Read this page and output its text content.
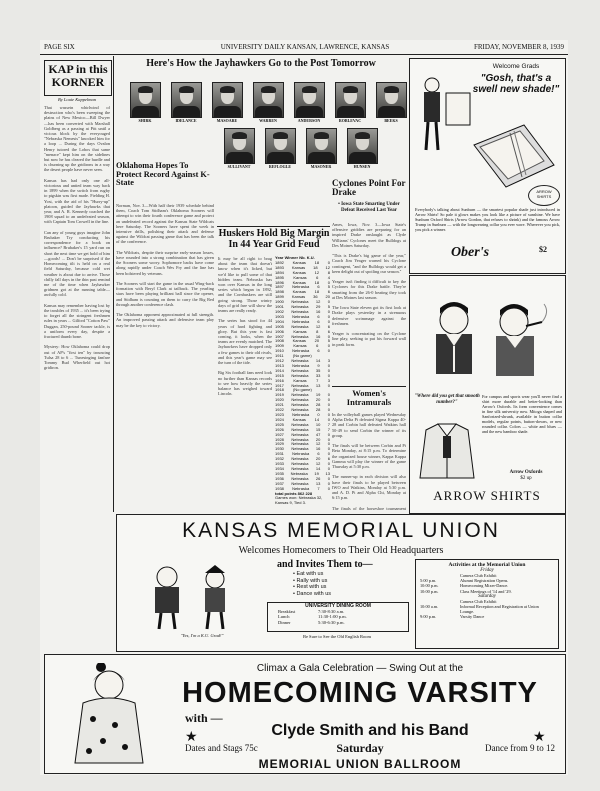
PAGE SIX	UNIVERSITY DAILY KANSAN, LAWRENCE, KANSAS	FRIDAY, NOVEMBER 8, 1939
KAP in this
KORNER
By Louie Kappelman
That wassein whirlwind of destruction who's been sweeping the plains of New Mexico—Bill Dwyer—has been converted with Marshall Goldberg as a passing at Pitt until a vicious block by the everyouged "Nebraska Nemesis" knocked him for a loop ... During the days Ovalon Henry tutored the Lobos that same "menace" kept him on the sidelines but now he has cleared the hurdle and is churning up the gridirons in a way the desert people have never seen.

Kansas has had only one all-victorious and untied team way back in 1899 when the switch from rugby to pigskin was first made. Fielding H. Yost, with the aid of his "Hurry-up" platoon, guided the Jayhawks that year, and A. R. Kennedy coached the 1908 squad to an undefeated season, with Captain Tom Crowell in the line.

Can any of young guys imagine John Brubaker Try conducting his correspondence for a book on influence? Brubaker's 15 yard run on short the next time we get hold of him—goods! ... Don't be surprised if the Homecoming tilt is held on a real field Saturday, because cold wet weather is about due to arrive. Those chilly fall days in the thin past remind me of the time when Jayhawker gridmen got at the running table—awfully cold.

Kansas may remember having lost by the troubles of 1935 ... it's been trying to forget all the stringent freshmen rules in years ... Gilford "Cotton Paw" Duggan, 250-pound Sooner tackle, is a uniform every day, despite a fractured thumb bone.

Mystery: How Oklahoma could drop out of AP's "first ten" by trouncing Tulsa 28 to 6 ... Tunesinging fanfare Tommy Bud Wherfield out hot gridiron.
Here's How the Jayhawkers Go to the Post Tomorrow
SHIRK	IDELANCE	MASOARE	WARREN	ANDERSON	ROBLEVAC	BEEKS
SULLIVANT	REFLOGLE	MASONER	HUNSEN
Oklahoma Hopes To Protect Record Against K-State
Norman, Nov. 3—With half their 1939 schedule behind them, Coach Tom Stidham's Oklahoma Sooners will attempt to win their fourth conference game and protect an undefeated record against the Kansas State Wildcats here Saturday. The Sooners have spent the week in intensive drills, polishing their attack and defense against the Wildcat passing game that has been the talk of the conference.

The Wildcats, despite their surprise early-season losses, have rounded into a strong combination that has given the Sooners some worry. Sophomore backs have come along rapidly under Coach Wes Fry and the line has been bolstered by veterans.

The Sooners will start the game in the usual Wing-back formation with Beryl Clark at tailback. The yearling stars have been playing brilliant ball since the opener, and Stidham is counting on them to carry the Big Red through another conference clash.

The Oklahoma opponent approximated at full strength. An improved passing attack and defensive team play may be the key to victory.
Cyclones Point For Drake
• Iowa State Smarting Under Defeat Received Last Year
Ames, Iowa, Nov. 3—Iowa State's offensive griddies are preparing for an inspired Drake onslaught as Clyde Williams' Cyclones meet the Bulldogs at Des Moines Saturday.

"This is Drake's big game of the year," Coach Jim Yeager warned his Cyclone contingent, "and the Bulldogs would get a keen delight out of spoiling our season."

Yeager isn't finding it difficult to key the Cyclones for this Drake battle. They're smarting from the 26-0 beating they took at Des Moines last season.

The Iowa State eleven got its first look at Drake plays yesterday in a strenuous defensive scrimmage against the freshmen.

Yeager is concentrating on the Cyclone line play, seeking to put his forward wall in peak form.
Huskers Hold Big Margin In 44 Year Grid Feud
It may be all right to brag about the team that doesn't know when it's licked, but we'd like to pull some of that hidden team. Nebraska has won over Kansas in the long series which began in 1892, and the Cornhuskers are still going strong. Those wintry days of grid fare will show the teams are really ready.

The series has stood for 44 years of hard fighting and glory. But this year is fast coming, it looks, when the teams are evenly matched. The Jayhawkers have dropped only a few games to their old rivals, and this year's game may see the turn of the tide.

Big Six football fans need look no further than Kansas records to see how heavily the series balance has weighed toward Lincoln.
Year Winner Nb. K.U.
1892 Kansas 18 0
1893 Kansas 18 12
1894 Kansas 12 8
1895 Kansas 6 4
1896 Kansas 18 0
1897 Nebraska 6 5
1898 Kansas 18 6
1899 Kansas 36 20
1900 Nebraska 12 0
1901 Nebraska 29 5
1902 Nebraska 16 0
1903 Nebraska 6 0
1904 Nebraska 6 0
1905 Nebraska 12 6
1906 Kansas 8 6
1907 Nebraska 16 0
1908 Kansas 20 5
1909 Kansas 6 0
1910 Nebraska 6 0
1911 (No game)
1912 Nebraska 14 3
1913 Nebraska 9 0
1914 Nebraska 35 0
1915 Nebraska 33 0
1916 Kansas 7 3
1917 Nebraska 13 0
1918 (No game)
1919 Nebraska 19 0
1920 Nebraska 20 0
1921 Nebraska 28 0
1922 Nebraska 28 0
1923 Nebraska 0 0
1924 Kansas 14 0
1925 Nebraska 10 7
1926 Nebraska 15 7
1927 Nebraska 47 0
1928 Nebraska 20 0
1929 Nebraska 12 0
1930 Nebraska 16 0
1931 Nebraska 6 0
1932 Nebraska 20 6
1933 Nebraska 12 0
1934 Nebraska 14 0
1935 Nebraska 19 13
1936 Nebraska 26 0
1937 Nebraska 13 0
1938 Nebraska 7 0
total points 862 228
Games won: Nebraska 32, Kansas 9, Tied 3.
Women's Intramurals
In the volleyball games played Wednesday Alpha Delta Pi defeated Sigma Kappa 40-28 and Corbin hall defeated Watkins hall 50-49 to send Corbin the winner of its group.

The finals will be between Corbin and Pi Beta Monday, at 8:15 p.m. To determine the organized house winner, Kappa Kappa Gamma will play the winner of the game Thursday at 5:30 p.m.

The runner-up in each division will also have their finals to be played between IWO and Watkins, Monday at 5:30 p.m. and A. D. Pi and Alpha Chi, Monday at 6:15 p.m.

The finals of the horseshoe tournament
Welcome Grads
"Gosh, that's a swell new shade!"
ARROW SHIRTS
Everybody's talking about Sunburn — the smartest popular shade just introduced in Arrow Shirts! So pale it glows makes you look like a picture of sunshine. We have Sunburn Oxford Shirts (Arrow Gordon, that refuses to shrink) and the famous Arrow Trump in Sunburn — with the longwearing collar you ever wore. Wherever you pick, you pick a winner.
Ober's	$2
"Where did you get that smooth number?"
For campus and sports wear you'll never find a shirt more durable and better-looking than Arrow's Oxfords. Its form convenience comes in fine silk university now. Mitoga shaped and Sanforized-shrunk, available in button collar models, regular points, button-downs, or new rounded collar. Colors — white and blues — and the new bamboo shade.
Arrow Oxfords
$2 up
ARROW SHIRTS
KANSAS MEMORIAL UNION
Welcomes Homecomers to Their Old Headquarters
and Invites Them to—
• Eat with us
• Rally with us
• Rest with us
• Dance with us
"Yes, I'm a K.U. Grad!"
UNIVERSITY DINING ROOM
Breakfast	7:30-8:30 a.m.
Lunch	11:30-1:00 p.m.
Dinner	5:30-6:30 p.m.
Be Sure to See the Old English Room
Activities at the Memorial Union
Friday
Camera Club Exhibit
5:00 p.m.	Alumni Registration Opens.
10:00 p.m.	Homecoming Mixer-Dance.
10:00 p.m.	Class Meetings of '14 and '29.
Saturday
Camera Club Exhibit
10:00 a.m.	Informal Reception and Registration at Union Lounge.
9:00 p.m.	Varsity Dance
Climax a Gala Celebration — Swing Out at the
HOMECOMING VARSITY
with —
Clyde Smith and his Band
★	★
Dates and Stags 75c	Saturday	Dance from 9 to 12
MEMORIAL UNION BALLROOM
